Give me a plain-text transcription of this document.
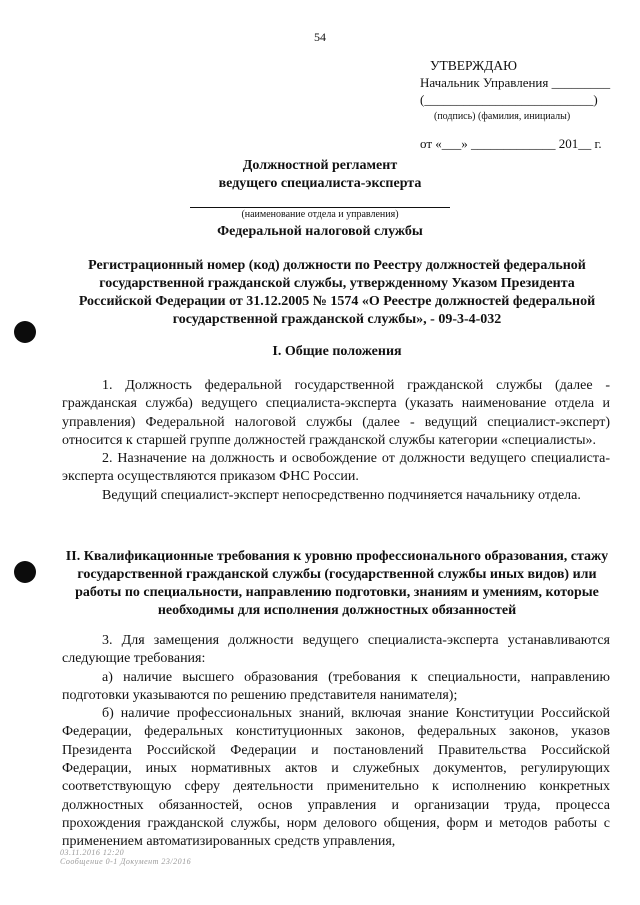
54
УТВЕРЖДАЮ
Начальник Управления _________
(__________________________)
(подпись) (фамилия, инициалы)
от «___» _____________ 201__ г.
Должностной регламент
ведущего специалиста-эксперта
(наименование отдела и управления)
Федеральной налоговой службы
Регистрационный номер (код) должности по Реестру должностей федеральной государственной гражданской службы, утвержденному Указом Президента Российской Федерации от 31.12.2005 № 1574 «О Реестре должностей федеральной государственной гражданской службы», - 09-3-4-032
I. Общие положения

1. Должность федеральной государственной гражданской службы (далее - гражданская служба) ведущего специалиста-эксперта (указать наименование отдела и управления) Федеральной налоговой службы (далее - ведущий специалист-эксперт) относится к старшей группе должностей гражданской службы категории «специалисты».

2. Назначение на должность и освобождение от должности ведущего специалиста-эксперта осуществляются приказом ФНС России.

Ведущий специалист-эксперт непосредственно подчиняется начальнику отдела.

II. Квалификационные требования к уровню профессионального образования, стажу государственной гражданской службы (государственной службы иных видов) или работы по специальности, направлению подготовки, знаниям и умениям, которые необходимы для исполнения должностных обязанностей

3. Для замещения должности ведущего специалиста-эксперта устанавливаются следующие требования:

а) наличие высшего образования (требования к специальности, направлению подготовки указываются по решению представителя нанимателя);

б) наличие профессиональных знаний, включая знание Конституции Российской Федерации, федеральных конституционных законов, федеральных законов, указов Президента Российской Федерации и постановлений Правительства Российской Федерации, иных нормативных актов и служебных документов, регулирующих соответствующую сферу деятельности применительно к исполнению конкретных должностных обязанностей, основ управления и организации труда, процесса прохождения гражданской службы, норм делового общения, форм и методов работы с применением автоматизированных средств управления,

03.11.2016 12:20
Сообщение 0-1 Документ 23/2016
